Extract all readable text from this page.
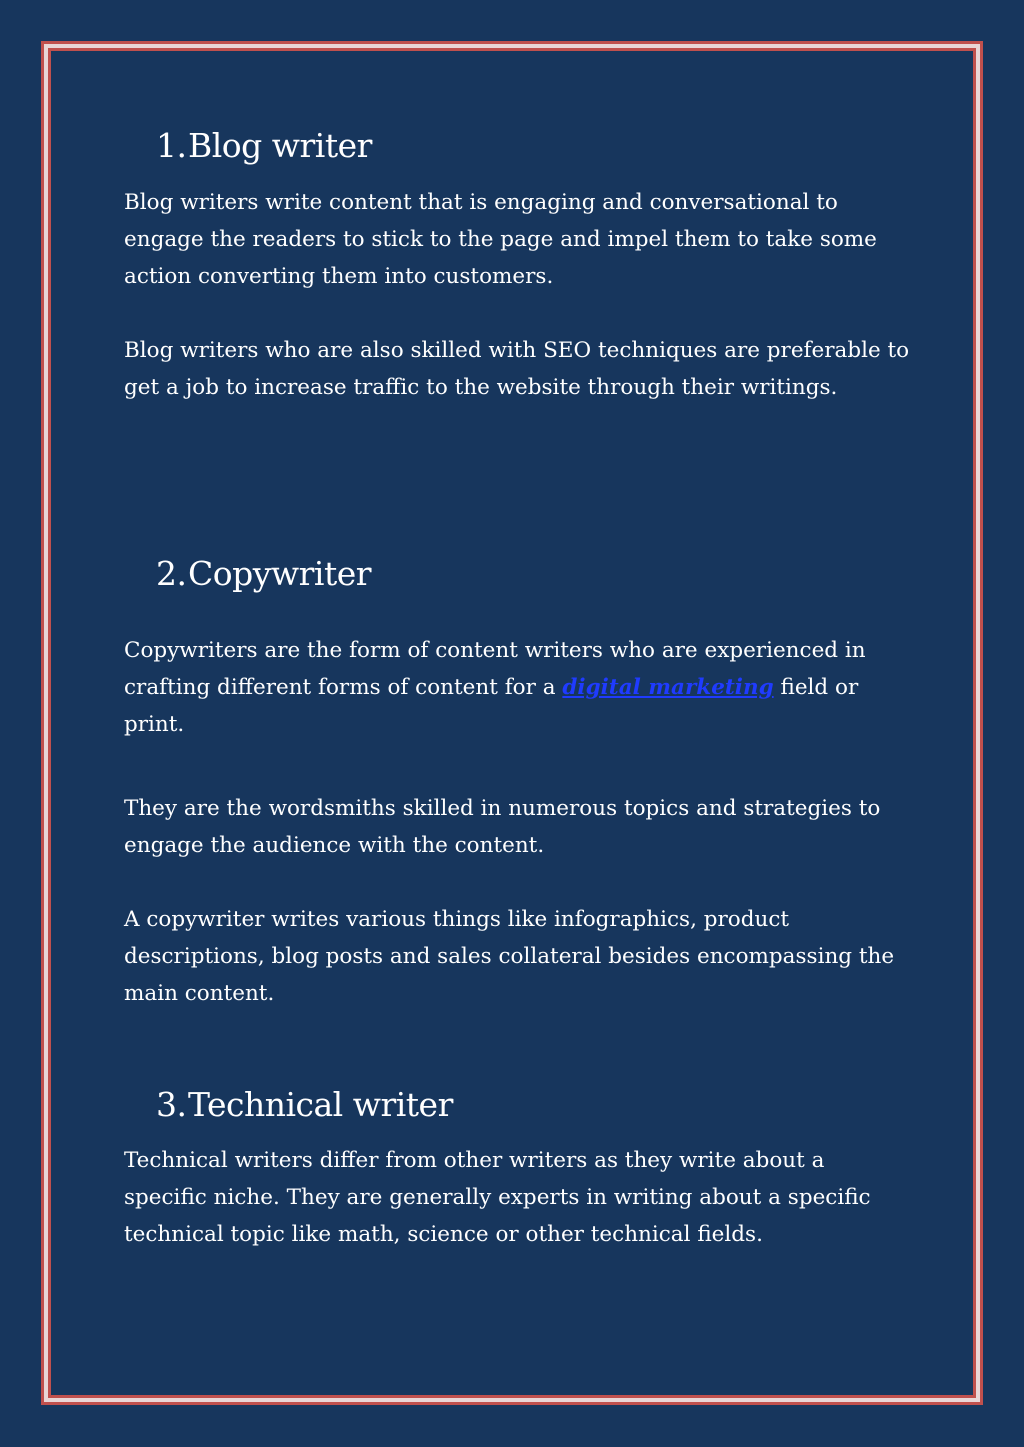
1.Blog writer

Blog writers write content that is engaging and conversational to engage the readers to stick to the page and impel them to take some action converting them into customers.

Blog writers who are also skilled with SEO techniques are preferable to get a job to increase traffic to the website through their writings.

2.Copywriter

Copywriters are the form of content writers who are experienced in crafting different forms of content for a digital marketing field or print.

They are the wordsmiths skilled in numerous topics and strategies to engage the audience with the content.

A copywriter writes various things like infographics, product descriptions, blog posts and sales collateral besides encompassing the main content.

3.Technical writer

Technical writers differ from other writers as they write about a specific niche. They are generally experts in writing about a specific technical topic like math, science or other technical fields.
